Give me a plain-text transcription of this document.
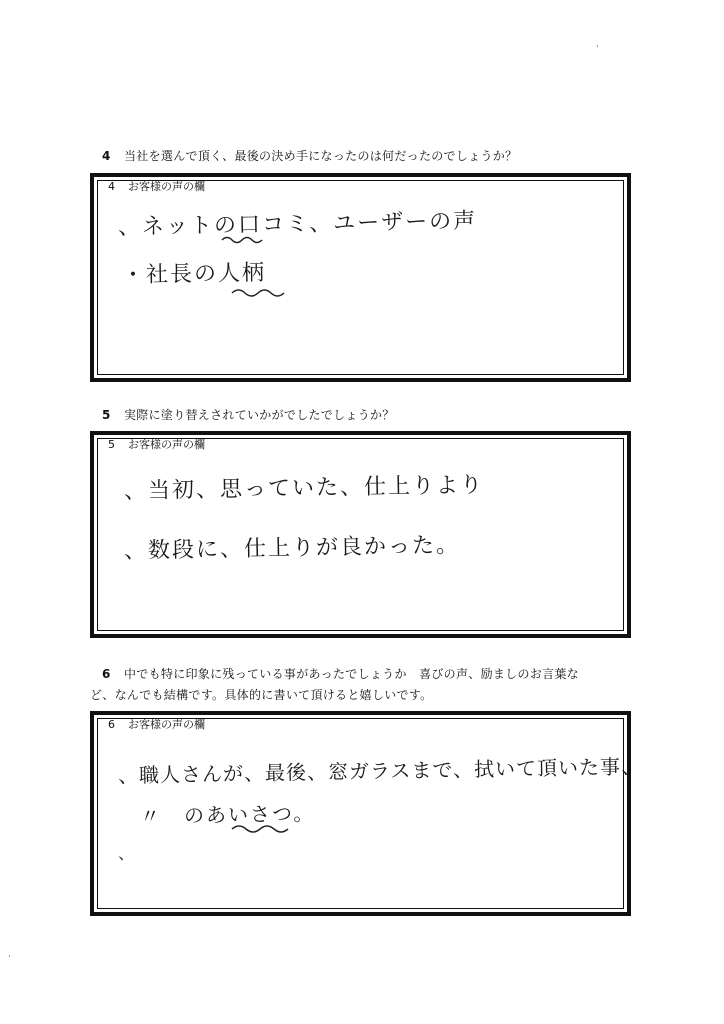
4 当社を選んで頂く、最後の決め手になったのは何だったのでしょうか？
4 お客様の声の欄
、ネットの口コミ、ユーザーの声
・社長の人柄
5 実際に塗り替えされていかがでしたでしょうか？
5 お客様の声の欄
、当初、思っていた、仕上りより
、数段に、仕上りが良かった。
6 中でも特に印象に残っている事があったでしょうか　喜びの声、励ましのお言葉な
ど、なんでも結構です。具体的に書いて頂けると嬉しいです。
6 お客様の声の欄
、職人さんが、最後、窓ガラスまで、拭いて頂いた事、
　〃　のあいさつ。
、
·
·
